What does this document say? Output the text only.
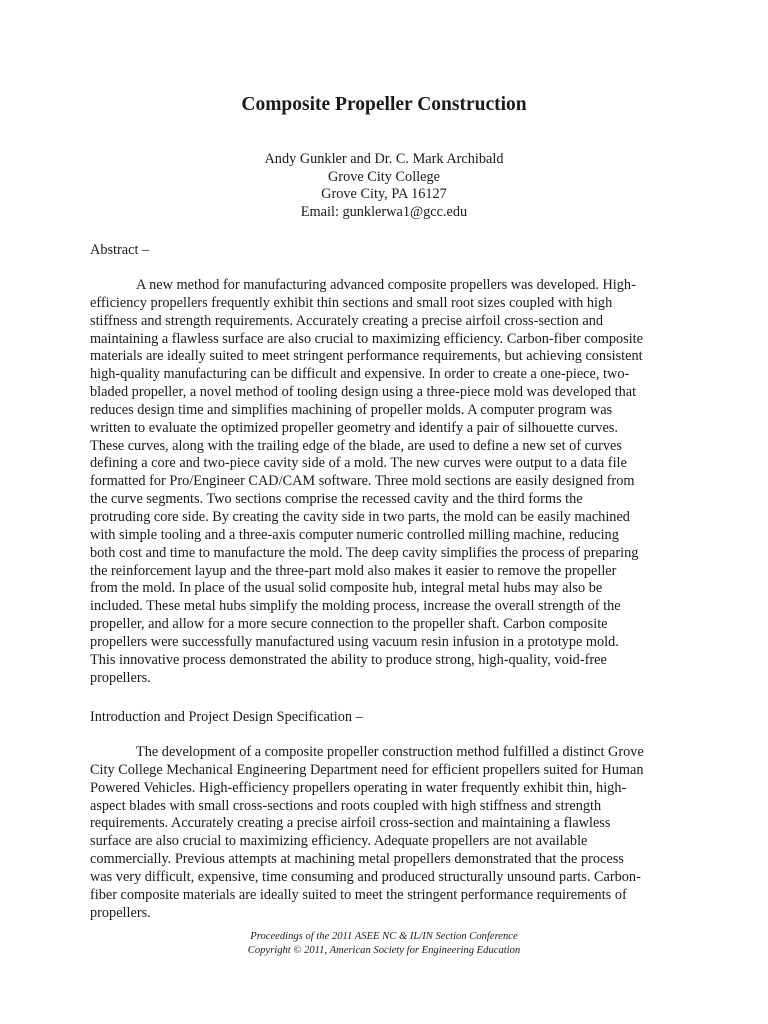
Composite Propeller Construction
Andy Gunkler and Dr. C. Mark Archibald
Grove City College
Grove City, PA 16127
Email: gunklerwa1@gcc.edu
Abstract –
A new method for manufacturing advanced composite propellers was developed. High-
efficiency propellers frequently exhibit thin sections and small root sizes coupled with high
stiffness and strength requirements. Accurately creating a precise airfoil cross-section and
maintaining a flawless surface are also crucial to maximizing efficiency. Carbon-fiber composite
materials are ideally suited to meet stringent performance requirements, but achieving consistent
high-quality manufacturing can be difficult and expensive. In order to create a one-piece, two-
bladed propeller, a novel method of tooling design using a three-piece mold was developed that
reduces design time and simplifies machining of propeller molds. A computer program was
written to evaluate the optimized propeller geometry and identify a pair of silhouette curves.
These curves, along with the trailing edge of the blade, are used to define a new set of curves
defining a core and two-piece cavity side of a mold. The new curves were output to a data file
formatted for Pro/Engineer CAD/CAM software. Three mold sections are easily designed from
the curve segments. Two sections comprise the recessed cavity and the third forms the
protruding core side. By creating the cavity side in two parts, the mold can be easily machined
with simple tooling and a three-axis computer numeric controlled milling machine, reducing
both cost and time to manufacture the mold. The deep cavity simplifies the process of preparing
the reinforcement layup and the three-part mold also makes it easier to remove the propeller
from the mold. In place of the usual solid composite hub, integral metal hubs may also be
included. These metal hubs simplify the molding process, increase the overall strength of the
propeller, and allow for a more secure connection to the propeller shaft. Carbon composite
propellers were successfully manufactured using vacuum resin infusion in a prototype mold.
This innovative process demonstrated the ability to produce strong, high-quality, void-free
propellers.
Introduction and Project Design Specification –
The development of a composite propeller construction method fulfilled a distinct Grove
City College Mechanical Engineering Department need for efficient propellers suited for Human
Powered Vehicles. High-efficiency propellers operating in water frequently exhibit thin, high-
aspect blades with small cross-sections and roots coupled with high stiffness and strength
requirements. Accurately creating a precise airfoil cross-section and maintaining a flawless
surface are also crucial to maximizing efficiency. Adequate propellers are not available
commercially. Previous attempts at machining metal propellers demonstrated that the process
was very difficult, expensive, time consuming and produced structurally unsound parts. Carbon-
fiber composite materials are ideally suited to meet the stringent performance requirements of
propellers.
Proceedings of the 2011 ASEE NC & IL/IN Section Conference
Copyright © 2011, American Society for Engineering Education
